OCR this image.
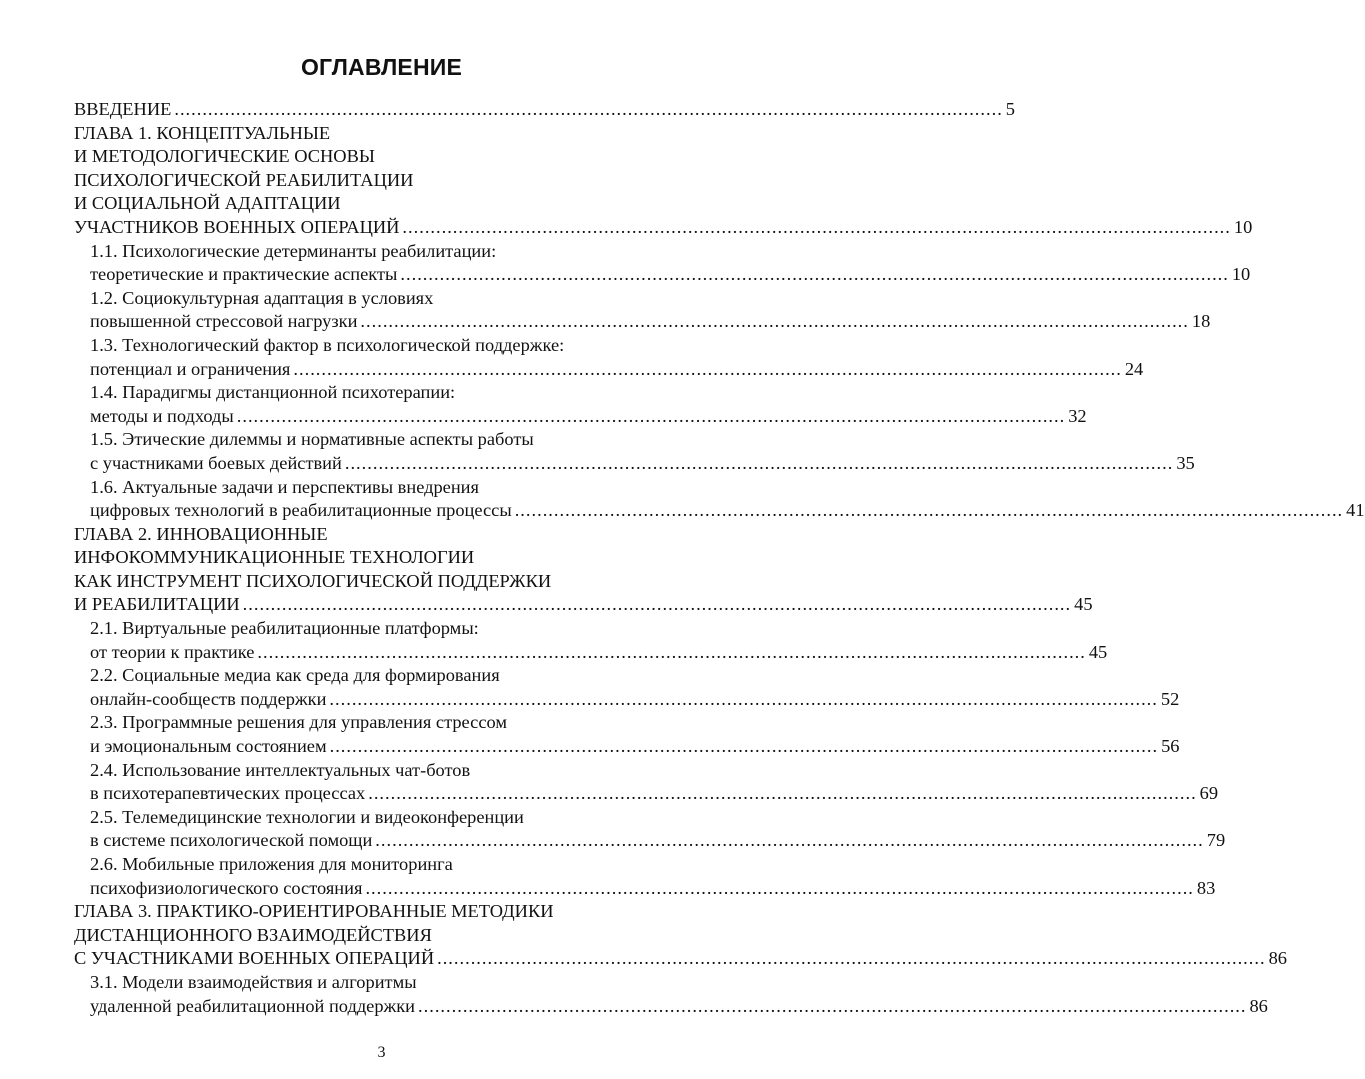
ОГЛАВЛЕНИЕ
ВВЕДЕНИЕ .................................................................................................................................................... 5
ГЛАВА 1. КОНЦЕПТУАЛЬНЫЕ
И МЕТОДОЛОГИЧЕСКИЕ ОСНОВЫ
ПСИХОЛОГИЧЕСКОЙ РЕАБИЛИТАЦИИ
И СОЦИАЛЬНОЙ АДАПТАЦИИ
УЧАСТНИКОВ ВОЕННЫХ ОПЕРАЦИЙ .................................................................................................................................................... 10
1.1. Психологические детерминанты реабилитации:
теоретические и практические аспекты .................................................................................................................................................... 10
1.2. Социокультурная адаптация в условиях
повышенной стрессовой нагрузки .................................................................................................................................................... 18
1.3. Технологический фактор в психологической поддержке:
потенциал и ограничения .................................................................................................................................................... 24
1.4. Парадигмы дистанционной психотерапии:
методы и подходы .................................................................................................................................................... 32
1.5. Этические дилеммы и нормативные аспекты работы
с участниками боевых действий .................................................................................................................................................... 35
1.6. Актуальные задачи и перспективы внедрения
цифровых технологий в реабилитационные процессы .................................................................................................................................................... 41
ГЛАВА 2. ИННОВАЦИОННЫЕ
ИНФОКОММУНИКАЦИОННЫЕ ТЕХНОЛОГИИ
КАК ИНСТРУМЕНТ ПСИХОЛОГИЧЕСКОЙ ПОДДЕРЖКИ
И РЕАБИЛИТАЦИИ .................................................................................................................................................... 45
2.1. Виртуальные реабилитационные платформы:
от теории к практике .................................................................................................................................................... 45
2.2. Социальные медиа как среда для формирования
онлайн-сообществ поддержки .................................................................................................................................................... 52
2.3. Программные решения для управления стрессом
и эмоциональным состоянием .................................................................................................................................................... 56
2.4. Использование интеллектуальных чат-ботов
в психотерапевтических процессах .................................................................................................................................................... 69
2.5. Телемедицинские технологии и видеоконференции
в системе психологической помощи .................................................................................................................................................... 79
2.6. Мобильные приложения для мониторинга
психофизиологического состояния .................................................................................................................................................... 83
ГЛАВА 3. ПРАКТИКО-ОРИЕНТИРОВАННЫЕ МЕТОДИКИ
ДИСТАНЦИОННОГО ВЗАИМОДЕЙСТВИЯ
С УЧАСТНИКАМИ ВОЕННЫХ ОПЕРАЦИЙ .................................................................................................................................................... 86
3.1. Модели взаимодействия и алгоритмы
удаленной реабилитационной поддержки .................................................................................................................................................... 86
3
